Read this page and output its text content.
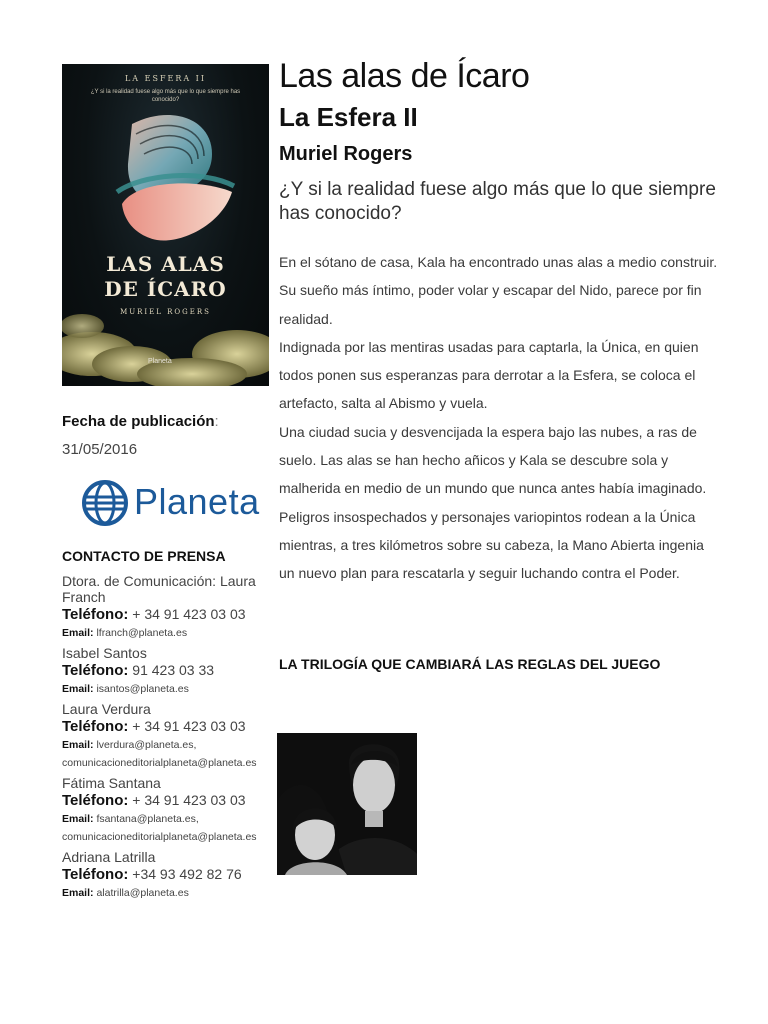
LA ESFERA II
¿Y si la realidad fuese algo más que lo que siempre has conocido?
LAS ALAS
DE ÍCARO
MURIEL ROGERS
Planeta
Las alas de Ícaro
La Esfera II
Muriel Rogers

¿Y si la realidad fuese algo más que lo que siempre has conocido?

En el sótano de casa, Kala ha encontrado unas alas a medio construir. Su sueño más íntimo, poder volar y escapar del Nido, parece por fin realidad.

Indignada por las mentiras usadas para captarla, la Única, en quien todos ponen sus esperanzas para derrotar a la Esfera, se coloca el artefacto, salta al Abismo y vuela.

Una ciudad sucia y desvencijada la espera bajo las nubes, a ras de suelo. Las alas se han hecho añicos y Kala se descubre sola y malherida en medio de un mundo que nunca antes había imaginado.

Peligros insospechados y personajes variopintos rodean a la Única mientras, a tres kilómetros sobre su cabeza, la Mano Abierta ingenia un nuevo plan para rescatarla y seguir luchando contra el Poder.

LA TRILOGÍA QUE CAMBIARÁ LAS REGLAS DEL JUEGO

Fecha de publicación:
31/05/2016
Planeta
CONTACTO DE PRENSA
Dtora. de Comunicación: Laura Franch
Teléfono: + 34 91 423 03 03
Email: lfranch@planeta.es
Isabel Santos
Teléfono: 91 423 03 33
Email: isantos@planeta.es
Laura Verdura
Teléfono: + 34 91 423 03 03
Email: lverdura@planeta.es, comunicacioneditorialplaneta@planeta.es
Fátima Santana
Teléfono: + 34 91 423 03 03
Email: fsantana@planeta.es, comunicacioneditorialplaneta@planeta.es
Adriana Latrilla
Teléfono: +34 93 492 82 76
Email: alatrilla@planeta.es
